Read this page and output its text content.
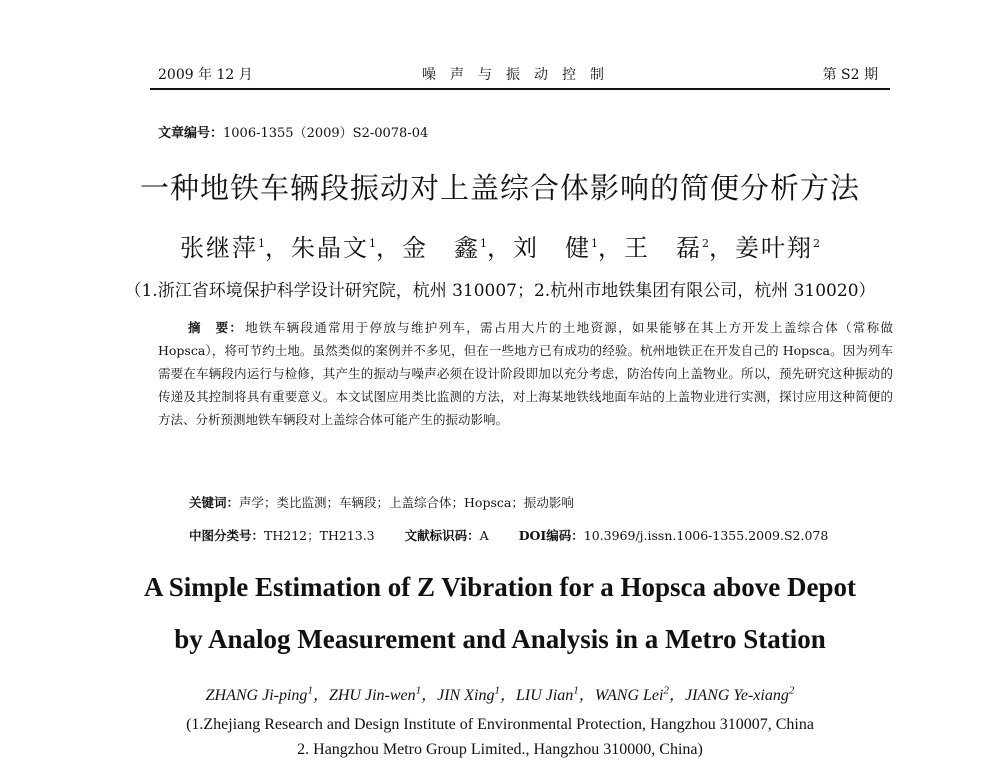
2009 年 12 月	噪声与振动控制	第 S2 期
文章编号：1006-1355（2009）S2-0078-04
一种地铁车辆段振动对上盖综合体影响的简便分析方法
张继萍$^1$，朱晶文$^1$，金　鑫$^1$，刘　健$^1$，王　磊$^2$，姜叶翔$^2$
（1.浙江省环境保护科学设计研究院，杭州 310007；2.杭州市地铁集团有限公司，杭州 310020）
摘　要： 地铁车辆段通常用于停放与维护列车，需占用大片的土地资源，如果能够在其上方开发上盖综合体（常称做 Hopsca），将可节约土地。虽然类似的案例并不多见，但在一些地方已有成功的经验。杭州地铁正在开发自己的 Hopsca。因为列车需要在车辆段内运行与检修，其产生的振动与噪声必须在设计阶段即加以充分考虑，防治传向上盖物业。所以，预先研究这种振动的传递及其控制将具有重要意义。本文试图应用类比监测的方法，对上海某地铁线地面车站的上盖物业进行实测，探讨应用这种简便的方法、分析预测地铁车辆段对上盖综合体可能产生的振动影响。
关键词：声学；类比监测；车辆段；上盖综合体；Hopsca；振动影响
中图分类号：TH212；TH213.3 文献标识码：A DOI编码：10.3969/j.issn.1006-1355.2009.S2.078
A Simple Estimation of Z Vibration for a Hopsca above Depot
by Analog Measurement and Analysis in a Metro Station
ZHANG Ji-ping$^1$，ZHU Jin-wen$^1$，JIN Xing$^1$，LIU Jian$^1$，WANG Lei$^2$，JIANG Ye-xiang$^2$
(1.Zhejiang Research and Design Institute of Environmental Protection, Hangzhou 310007, China
2. Hangzhou Metro Group Limited., Hangzhou 310000, China)
